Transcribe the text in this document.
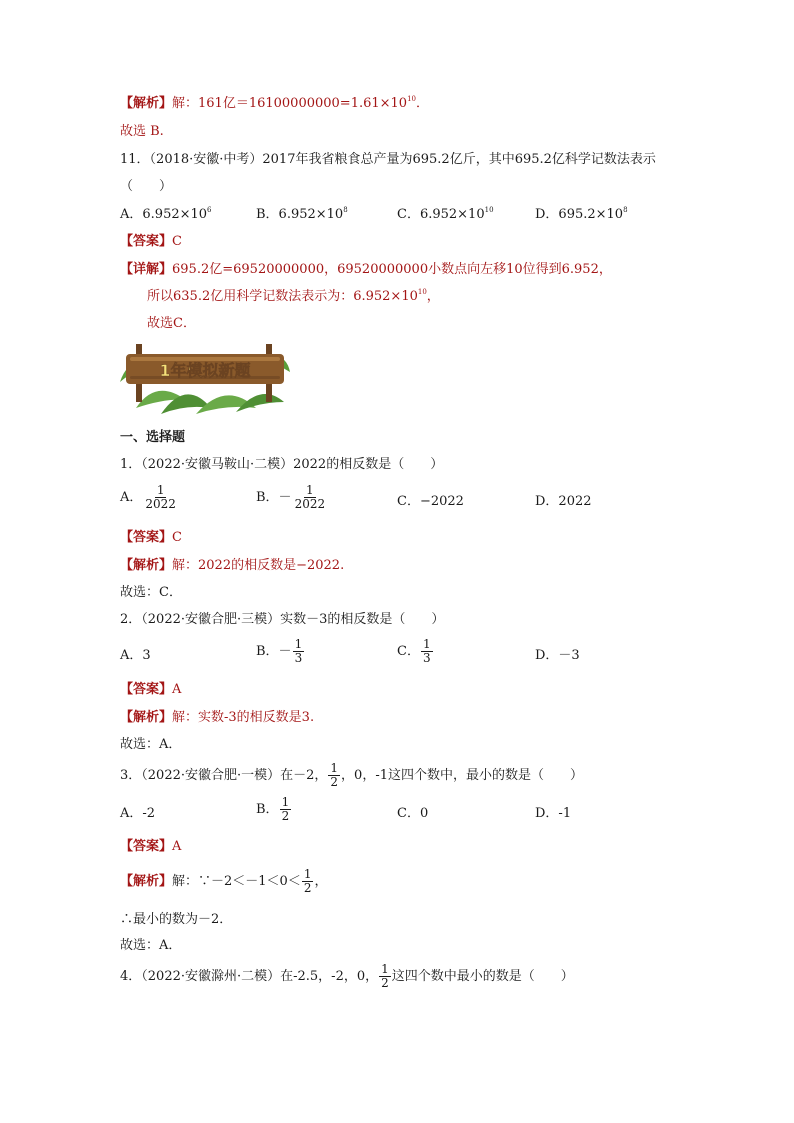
【解析】解：161亿$=16100000000=1.61\times 10^{10}$．
故选 B.
11．（2018·安徽·中考）2017年我省粮食总产量为695.2亿斤，其中695.2亿科学记数法表示
（　　）
A．$6.952\times 10^6$	B．$6.952\times 10^8$	C．$6.952\times 10^{10}$	D．$695.2\times 10^8$
【答案】C
【详解】695.2亿=69520000000，69520000000小数点向左移10位得到6.952，
所以635.2亿用科学记数法表示为：$6.952\times 10^{10}$，
故选C．
1年模拟新题
一、选择题
1．（2022·安徽马鞍山·二模）2022的相反数是（　　）
A． $\frac{1}{2022}$	B．－ $\frac{1}{2022}$	C．−2022	D．2022
【答案】C
【解析】解：2022的相反数是−2022.
故选：C．
2．（2022·安徽合肥·三模）实数－3的相反数是（　　）
A．3	B．－ $\frac{1}{3}$	C． $\frac{1}{3}$	D．－3
【答案】A
【解析】解：实数-3的相反数是3.
故选：A．
3．（2022·安徽合肥·一模）在－2， $\frac{1}{2}$ ，0，-1这四个数中，最小的数是（　　）
A．-2	B． $\frac{1}{2}$	C．0	D．-1
【答案】A
【解析】解：∵－2＜－1＜0＜ $\frac{1}{2}$ ，
∴最小的数为－2．
故选：A．
4．（2022·安徽滁州·二模）在-2.5，-2，0， $\frac{1}{2}$ 这四个数中最小的数是（　　）
